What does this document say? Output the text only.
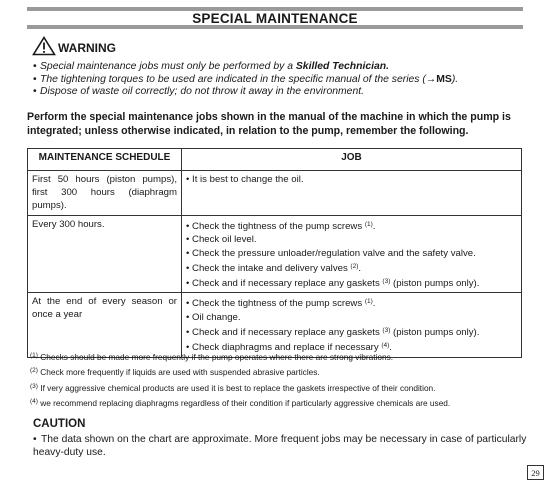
SPECIAL MAINTENANCE
WARNING
• Special maintenance jobs must only be performed by a Skilled Technician.
• The tightening torques to be used are indicated in the specific manual of the series (→MS).
• Dispose of waste oil correctly; do not throw it away in the environment.
Perform the special maintenance jobs shown in the manual of the machine in which the pump is integrated; unless otherwise indicated, in relation to the pump, remember the following.
MAINTENANCE SCHEDULE	JOB
First 50 hours (piston pumps), first 300 hours (diaphragm pumps).	• It is best to change the oil.

Every 300 hours.	• Check the tightness of the pump screws $^{(1)}$.
• Check oil level.
• Check the pressure unloader/regulation valve and the safety valve.
• Check the intake and delivery valves $^{(2)}$.
• Check and if necessary replace any gaskets $^{(3)}$ (piston pumps only).

At the end of every season or once a year	• Check the tightness of the pump screws $^{(1)}$.
• Oil change.
• Check and if necessary replace any gaskets $^{(3)}$ (piston pumps only).
• Check diaphragms and replace if necessary $^{(4)}$.
$^{(1)}$ Checks should be made more frequently if the pump operates where there are strong vibrations.
$^{(2)}$ Check more frequently if liquids are used with suspended abrasive particles.
$^{(3)}$ If very aggressive chemical products are used it is best to replace the gaskets irrespective of their condition.
$^{(4)}$ we recommend replacing diaphragms regardless of their condition if particularly aggressive chemicals are used.
CAUTION
• The data shown on the chart are approximate. More frequent jobs may be necessary in case of particularly heavy-duty use.
29
